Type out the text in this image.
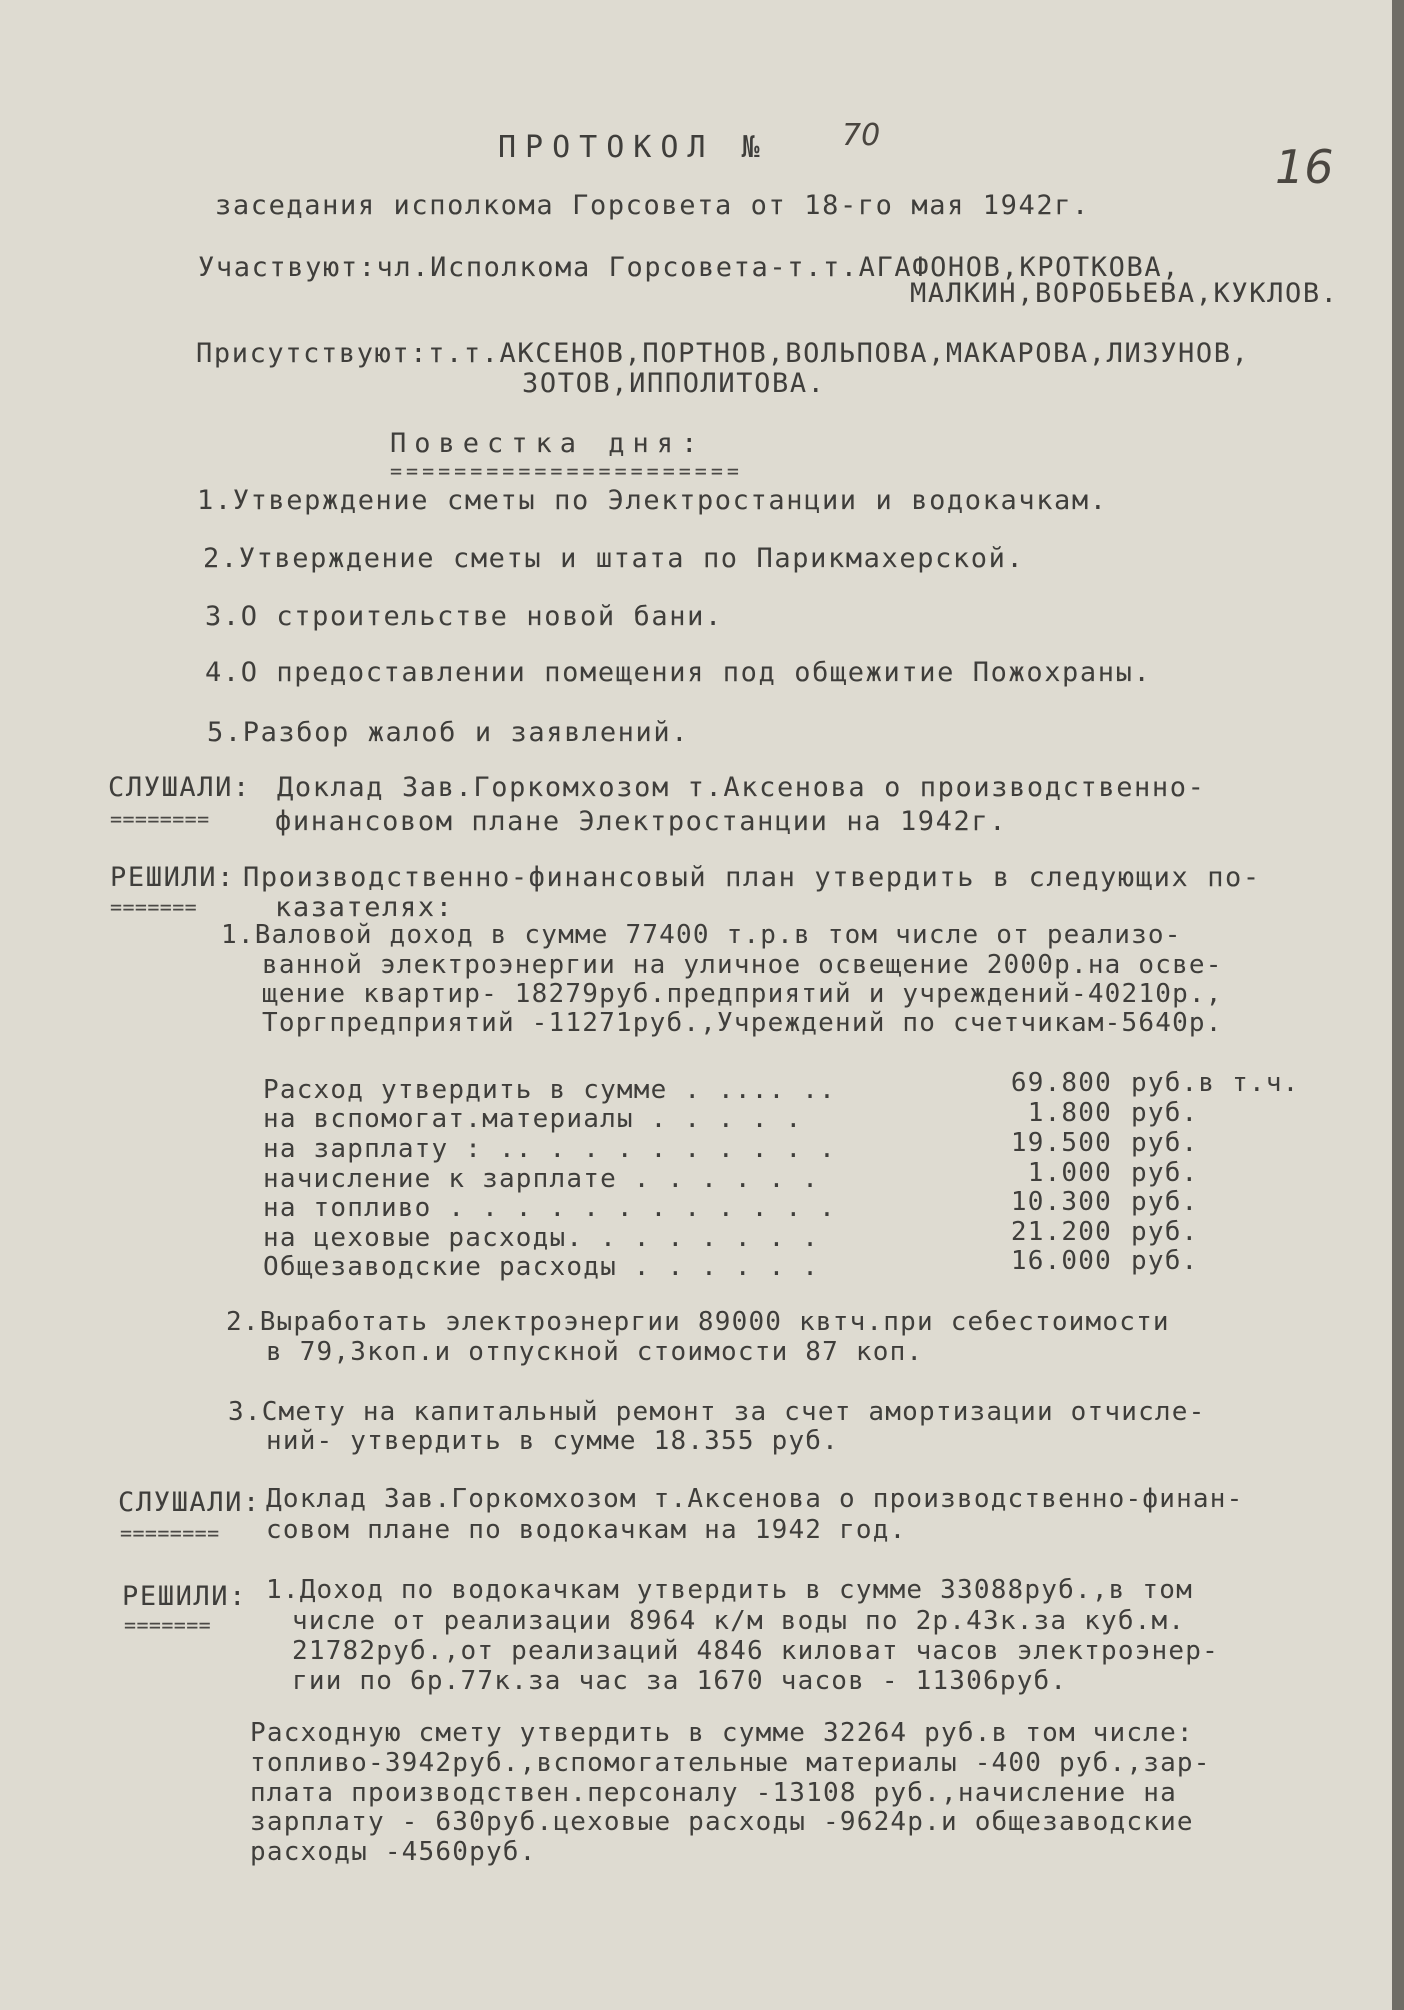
ПРОТОКОЛ № 70
16
заседания исполкома Горсовета от 18-го мая 1942г.
Участвуют:чл.Исполкома Горсовета-т.т.АГАФОНОВ,КРОТКОВА,
МАЛКИН,ВОРОБЬЕВА,КУКЛОВ.
Присутствуют:т.т.АКСЕНОВ,ПОРТНОВ,ВОЛЬПОВА,МАКАРОВА,ЛИЗУНОВ,
ЗОТОВ,ИППОЛИТОВА.
Повестка дня:
======================
1.Утверждение сметы по Электростанции и водокачкам.
2.Утверждение сметы и штата по Парикмахерской.
3.О строительстве новой бани.
4.О предоставлении помещения под общежитие Пожохраны.
5.Разбор жалоб и заявлений.
СЛУШАЛИ:
========
Доклад Зав.Горкомхозом т.Аксенова о производственно-
финансовом плане Электростанции на 1942г.
РЕШИЛИ:
=======
Производственно-финансовый план утвердить в следующих по-
казателях:
1.Валовой доход в сумме 77400 т.р.в том числе от реализо-
ванной электроэнергии на уличное освещение 2000р.на осве-
щение квартир- 18279руб.предприятий и учреждений-40210р.,
Торгпредприятий -11271руб.,Учреждений по счетчикам-5640р.
Расход утвердить в сумме . .... ..	69.800 руб.в т.ч.
на вспомогат.материалы . . . . .	1.800 руб.
на зарплату : .. . . . . . . . . .	19.500 руб.
начисление к зарплате . . . . . .	1.000 руб.
на топливо . . . . . . . . . . . .	10.300 руб.
на цеховые расходы. . . . . . . .	21.200 руб.
Общезаводские расходы . . . . . .	16.000 руб.
2.Выработать электроэнергии 89000 квтч.при себестоимости
в 79,3коп.и отпускной стоимости 87 коп.
3.Смету на капитальный ремонт за счет амортизации отчисле-
ний- утвердить в сумме 18.355 руб.
СЛУШАЛИ:
========
Доклад Зав.Горкомхозом т.Аксенова о производственно-финан-
совом плане по водокачкам на 1942 год.
РЕШИЛИ:
=======
1.Доход по водокачкам утвердить в сумме 33088руб.,в том
числе от реализации 8964 к/м воды по 2р.43к.за куб.м.
21782руб.,от реализаций 4846 киловат часов электроэнер-
гии по 6р.77к.за час за 1670 часов - 11306руб.
Расходную смету утвердить в сумме 32264 руб.в том числе:
топливо-3942руб.,вспомогательные материалы -400 руб.,зар-
плата производствен.персоналу -13108 руб.,начисление на
зарплату - 630руб.цеховые расходы -9624р.и общезаводские
расходы -4560руб.
